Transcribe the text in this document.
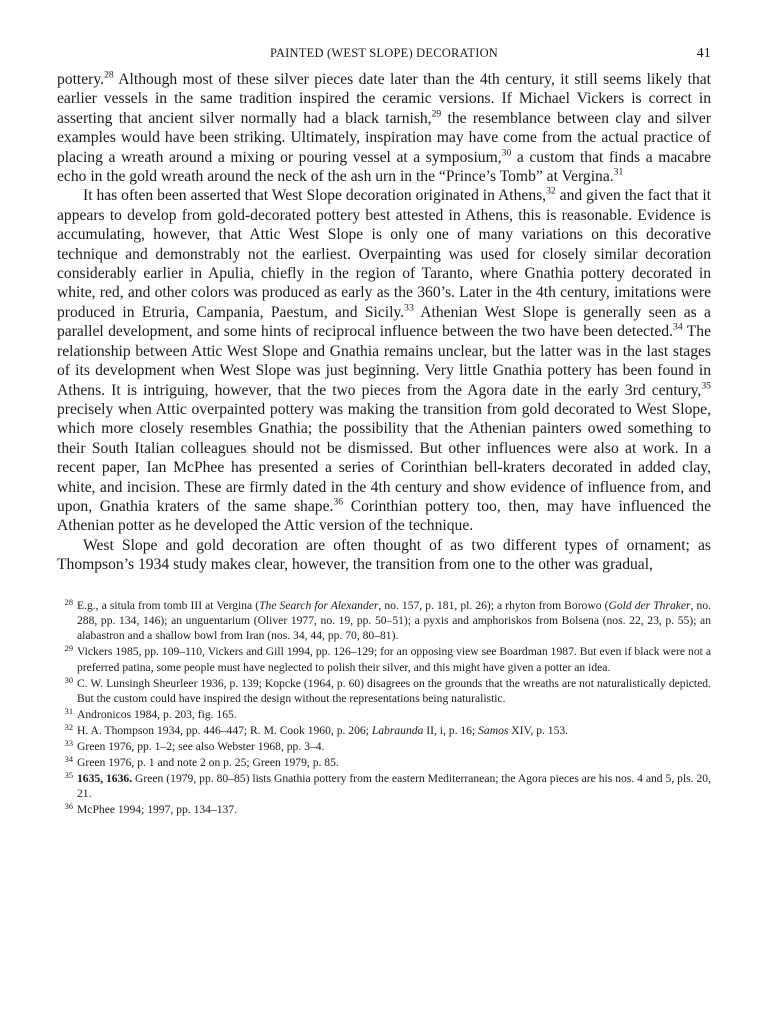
PAINTED (WEST SLOPE) DECORATION	41

pottery.$^{28}$ Although most of these silver pieces date later than the 4th century, it still seems likely that earlier vessels in the same tradition inspired the ceramic versions. If Michael Vickers is correct in asserting that ancient silver normally had a black tarnish,$^{29}$ the resemblance between clay and silver examples would have been striking. Ultimately, inspiration may have come from the actual practice of placing a wreath around a mixing or pouring vessel at a symposium,$^{30}$ a custom that finds a macabre echo in the gold wreath around the neck of the ash urn in the “Prince’s Tomb” at Vergina.$^{31}$

It has often been asserted that West Slope decoration originated in Athens,$^{32}$ and given the fact that it appears to develop from gold-decorated pottery best attested in Athens, this is reasonable. Evidence is accumulating, however, that Attic West Slope is only one of many variations on this decorative technique and demonstrably not the earliest. Overpainting was used for closely similar decoration considerably earlier in Apulia, chiefly in the region of Taranto, where Gnathia pottery decorated in white, red, and other colors was produced as early as the 360’s. Later in the 4th century, imitations were produced in Etruria, Campania, Paestum, and Sicily.$^{33}$ Athenian West Slope is generally seen as a parallel development, and some hints of reciprocal influence between the two have been detected.$^{34}$ The relationship between Attic West Slope and Gnathia remains unclear, but the latter was in the last stages of its development when West Slope was just beginning. Very little Gnathia pottery has been found in Athens. It is intriguing, however, that the two pieces from the Agora date in the early 3rd century,$^{35}$ precisely when Attic overpainted pottery was making the transition from gold decorated to West Slope, which more closely resembles Gnathia; the possibility that the Athenian painters owed something to their South Italian colleagues should not be dismissed. But other influences were also at work. In a recent paper, Ian McPhee has presented a series of Corinthian bell-kraters decorated in added clay, white, and incision. These are firmly dated in the 4th century and show evidence of influence from, and upon, Gnathia kraters of the same shape.$^{36}$ Corinthian pottery too, then, may have influenced the Athenian potter as he developed the Attic version of the technique.

West Slope and gold decoration are often thought of as two different types of ornament; as Thompson’s 1934 study makes clear, however, the transition from one to the other was gradual,

28 E.g., a situla from tomb III at Vergina (The Search for Alexander, no. 157, p. 181, pl. 26); a rhyton from Borowo (Gold der Thraker, no. 288, pp. 134, 146); an unguentarium (Oliver 1977, no. 19, pp. 50–51); a pyxis and amphoriskos from Bolsena (nos. 22, 23, p. 55); an alabastron and a shallow bowl from Iran (nos. 34, 44, pp. 70, 80–81).
29 Vickers 1985, pp. 109–110, Vickers and Gill 1994, pp. 126–129; for an opposing view see Boardman 1987. But even if black were not a preferred patina, some people must have neglected to polish their silver, and this might have given a potter an idea.
30 C. W. Lunsingh Sheurleer 1936, p. 139; Kopcke (1964, p. 60) disagrees on the grounds that the wreaths are not naturalistically depicted. But the custom could have inspired the design without the representations being naturalistic.
31 Andronicos 1984, p. 203, fig. 165.
32 H. A. Thompson 1934, pp. 446–447; R. M. Cook 1960, p. 206; Labraunda II, i, p. 16; Samos XIV, p. 153.
33 Green 1976, pp. 1–2; see also Webster 1968, pp. 3–4.
34 Green 1976, p. 1 and note 2 on p. 25; Green 1979, p. 85.
35 1635, 1636. Green (1979, pp. 80–85) lists Gnathia pottery from the eastern Mediterranean; the Agora pieces are his nos. 4 and 5, pls. 20, 21.
36 McPhee 1994; 1997, pp. 134–137.
